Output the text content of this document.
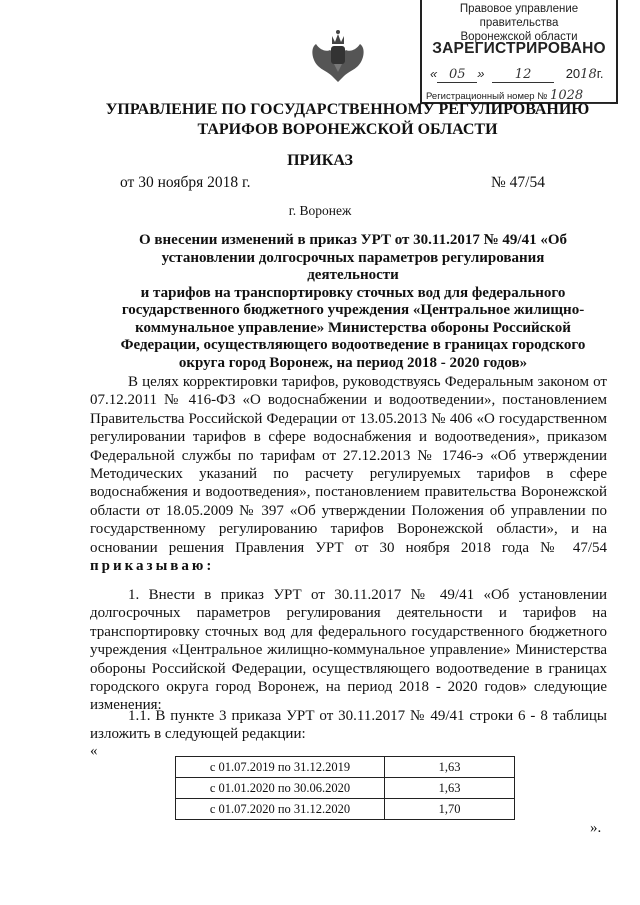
Правовое управление правительства
Воронежской области
ЗАРЕГИСТРИРОВАНО
« 05 » 12	2018г.
Регистрационный номер № 1028
УПРАВЛЕНИЕ ПО ГОСУДАРСТВЕННОМУ РЕГУЛИРОВАНИЮ
ТАРИФОВ ВОРОНЕЖСКОЙ ОБЛАСТИ
ПРИКАЗ
от 30 ноября 2018 г.	№ 47/54
г. Воронеж
О внесении изменений в приказ УРТ от 30.11.2017 № 49/41 «Об
установлении долгосрочных параметров регулирования деятельности
и тарифов на транспортировку сточных вод для федерального
государственного бюджетного учреждения «Центральное жилищно-
коммунальное управление» Министерства обороны Российской
Федерации, осуществляющего водоотведение в границах городского
округа город Воронеж, на период 2018 - 2020 годов»
В целях корректировки тарифов, руководствуясь Федеральным законом от 07.12.2011 № 416-ФЗ «О водоснабжении и водоотведении», постановлением Правительства Российской Федерации от 13.05.2013 № 406 «О государственном регулировании тарифов в сфере водоснабжения и водоотведения», приказом Федеральной службы по тарифам от 27.12.2013 № 1746-э «Об утверждении Методических указаний по расчету регулируемых тарифов в сфере водоснабжения и водоотведения», постановлением правительства Воронежской области от 18.05.2009 № 397 «Об утверждении Положения об управлении по государственному регулированию тарифов Воронежской области», и на основании решения Правления УРТ от 30 ноября 2018 года № 47/54 приказываю:
1. Внести в приказ УРТ от 30.11.2017 № 49/41 «Об установлении долгосрочных параметров регулирования деятельности и тарифов на транспортировку сточных вод для федерального государственного бюджетного учреждения «Центральное жилищно-коммунальное управление» Министерства обороны Российской Федерации, осуществляющего водоотведение в границах городского округа город Воронеж, на период 2018 - 2020 годов» следующие изменения:
1.1. В пункте 3 приказа УРТ от 30.11.2017 № 49/41 строки 6 - 8 таблицы изложить в следующей редакции:
«
с 01.07.2019 по 31.12.2019	1,63
с 01.01.2020 по 30.06.2020	1,63
с 01.07.2020 по 31.12.2020	1,70
».
